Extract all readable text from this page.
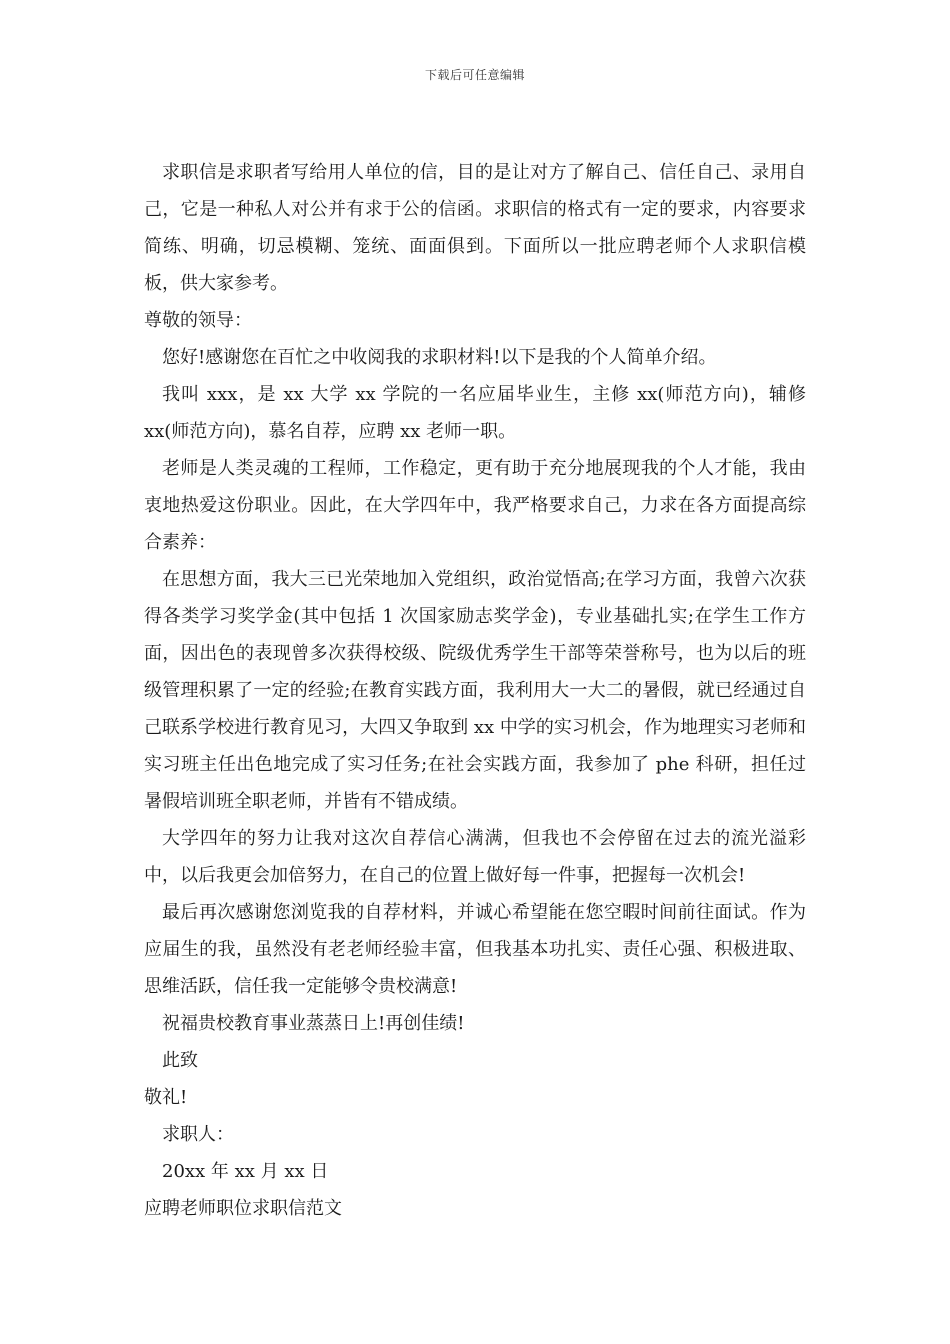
下载后可任意编辑

求职信是求职者写给用人单位的信，目的是让对方了解自己、信任自己、录用自己，它是一种私人对公并有求于公的信函。求职信的格式有一定的要求，内容要求简练、明确，切忌模糊、笼统、面面俱到。下面所以一批应聘老师个人求职信模板，供大家参考。

尊敬的领导：

您好!感谢您在百忙之中收阅我的求职材料!以下是我的个人简单介绍。

我叫 xxx，是 xx 大学 xx 学院的一名应届毕业生，主修 xx(师范方向)，辅修 xx(师范方向)，慕名自荐，应聘 xx 老师一职。

老师是人类灵魂的工程师，工作稳定，更有助于充分地展现我的个人才能，我由衷地热爱这份职业。因此，在大学四年中，我严格要求自己，力求在各方面提高综合素养：

在思想方面，我大三已光荣地加入党组织，政治觉悟高;在学习方面，我曾六次获得各类学习奖学金(其中包括 1 次国家励志奖学金)，专业基础扎实;在学生工作方面，因出色的表现曾多次获得校级、院级优秀学生干部等荣誉称号，也为以后的班级管理积累了一定的经验;在教育实践方面，我利用大一大二的暑假，就已经通过自己联系学校进行教育见习，大四又争取到 xx 中学的实习机会，作为地理实习老师和实习班主任出色地完成了实习任务;在社会实践方面，我参加了 phe 科研，担任过暑假培训班全职老师，并皆有不错成绩。

大学四年的努力让我对这次自荐信心满满，但我也不会停留在过去的流光溢彩中，以后我更会加倍努力，在自己的位置上做好每一件事，把握每一次机会!

最后再次感谢您浏览我的自荐材料，并诚心希望能在您空暇时间前往面试。作为应届生的我，虽然没有老老师经验丰富，但我基本功扎实、责任心强、积极进取、思维活跃，信任我一定能够令贵校满意!

祝福贵校教育事业蒸蒸日上!再创佳绩!

此致

敬礼!

求职人：

20xx 年 xx 月 xx 日

应聘老师职位求职信范文
